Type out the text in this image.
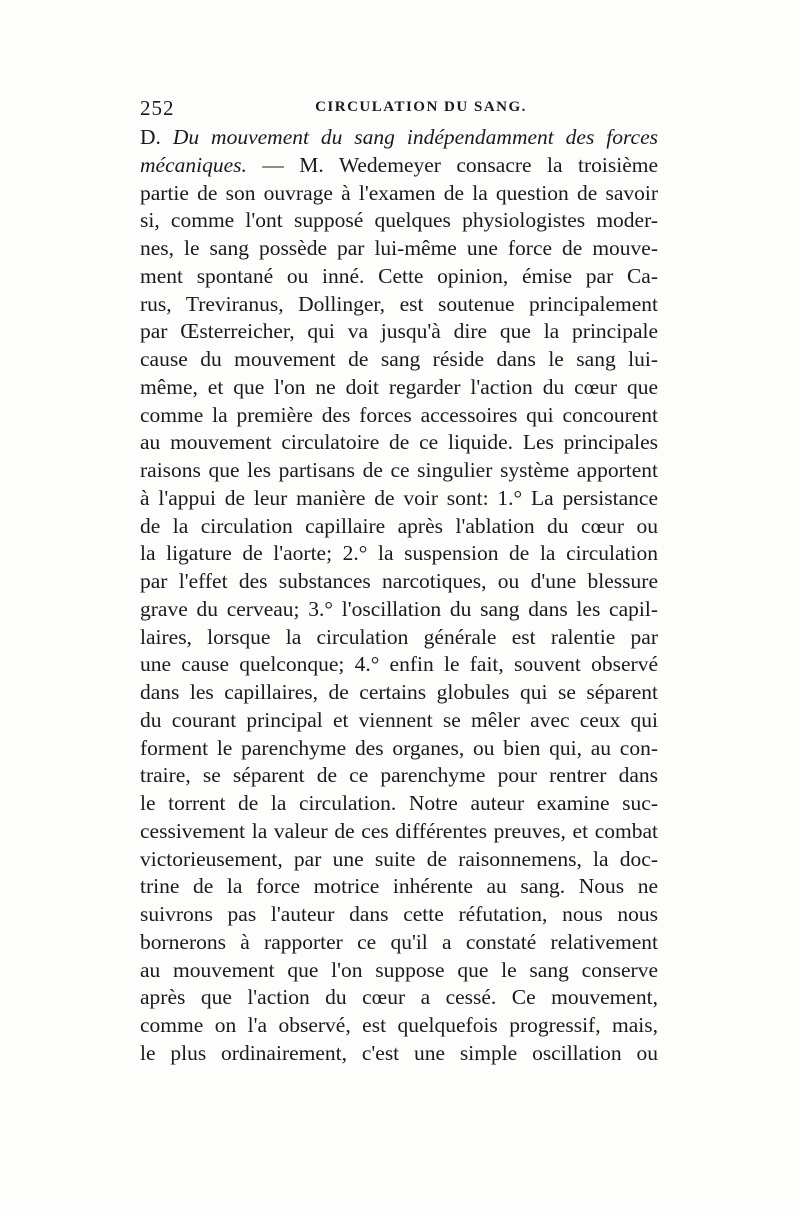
252	CIRCULATION DU SANG.
D. Du mouvement du sang indépendamment des forces
mécaniques. — M. Wedemeyer consacre la troisième
partie de son ouvrage à l'examen de la question de savoir
si, comme l'ont supposé quelques physiologistes moder-
nes, le sang possède par lui-même une force de mouve-
ment spontané ou inné. Cette opinion, émise par Ca-
rus, Treviranus, Dollinger, est soutenue principalement
par Œsterreicher, qui va jusqu'à dire que la principale
cause du mouvement de sang réside dans le sang lui-
même, et que l'on ne doit regarder l'action du cœur que
comme la première des forces accessoires qui concourent
au mouvement circulatoire de ce liquide. Les principales
raisons que les partisans de ce singulier système apportent
à l'appui de leur manière de voir sont: 1.° La persistance
de la circulation capillaire après l'ablation du cœur ou
la ligature de l'aorte; 2.° la suspension de la circulation
par l'effet des substances narcotiques, ou d'une blessure
grave du cerveau; 3.° l'oscillation du sang dans les capil-
laires, lorsque la circulation générale est ralentie par
une cause quelconque; 4.° enfin le fait, souvent observé
dans les capillaires, de certains globules qui se séparent
du courant principal et viennent se mêler avec ceux qui
forment le parenchyme des organes, ou bien qui, au con-
traire, se séparent de ce parenchyme pour rentrer dans
le torrent de la circulation. Notre auteur examine suc-
cessivement la valeur de ces différentes preuves, et combat
victorieusement, par une suite de raisonnemens, la doc-
trine de la force motrice inhérente au sang. Nous ne
suivrons pas l'auteur dans cette réfutation, nous nous
bornerons à rapporter ce qu'il a constaté relativement
au mouvement que l'on suppose que le sang conserve
après que l'action du cœur a cessé. Ce mouvement,
comme on l'a observé, est quelquefois progressif, mais,
le plus ordinairement, c'est une simple oscillation ou
